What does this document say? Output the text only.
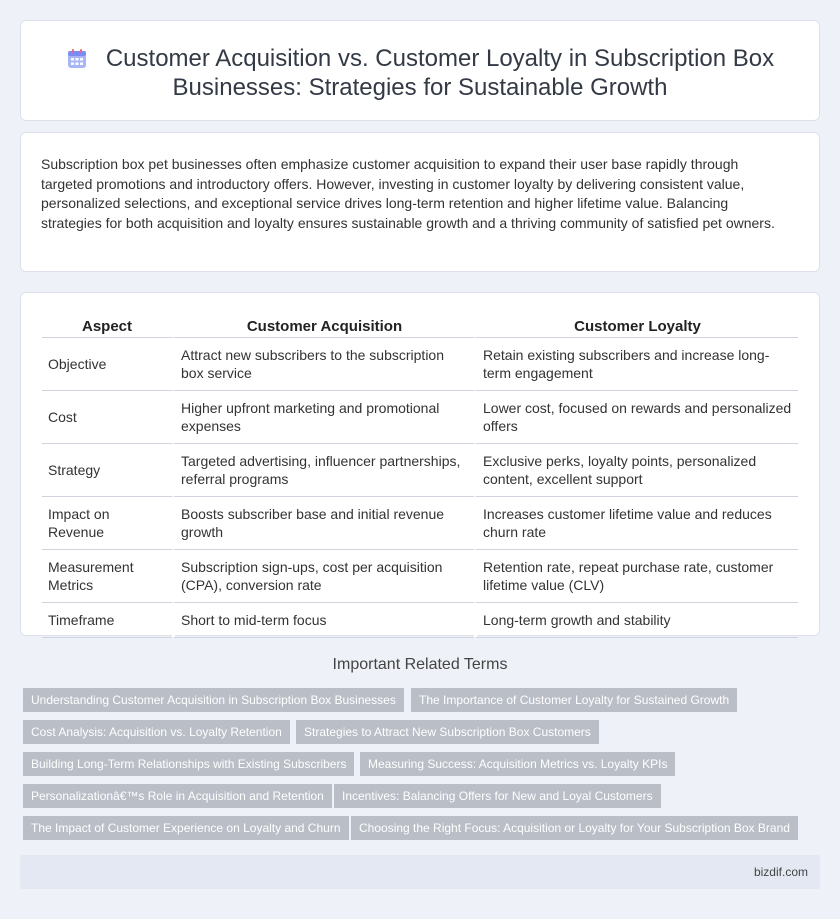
Customer Acquisition vs. Customer Loyalty in Subscription Box
Businesses: Strategies for Sustainable Growth

Subscription box pet businesses often emphasize customer acquisition to expand their user base rapidly through targeted promotions and introductory offers. However, investing in customer loyalty by delivering consistent value, personalized selections, and exceptional service drives long-term retention and higher lifetime value. Balancing strategies for both acquisition and loyalty ensures sustainable growth and a thriving community of satisfied pet owners.

Aspect	Customer Acquisition	Customer Loyalty
Objective	Attract new subscribers to the subscription box service	Retain existing subscribers and increase long-term engagement
Cost	Higher upfront marketing and promotional expenses	Lower cost, focused on rewards and personalized offers
Strategy	Targeted advertising, influencer partnerships, referral programs	Exclusive perks, loyalty points, personalized content, excellent support
Impact on Revenue	Boosts subscriber base and initial revenue growth	Increases customer lifetime value and reduces churn rate
Measurement Metrics	Subscription sign-ups, cost per acquisition (CPA), conversion rate	Retention rate, repeat purchase rate, customer lifetime value (CLV)
Timeframe	Short to mid-term focus	Long-term growth and stability
Important Related Terms
Understanding Customer Acquisition in Subscription Box Businesses	The Importance of Customer Loyalty for Sustained Growth
Cost Analysis: Acquisition vs. Loyalty Retention	Strategies to Attract New Subscription Box Customers
Building Long-Term Relationships with Existing Subscribers	Measuring Success: Acquisition Metrics vs. Loyalty KPIs
Personalizationâ€™s Role in Acquisition and Retention	Incentives: Balancing Offers for New and Loyal Customers
The Impact of Customer Experience on Loyalty and Churn	Choosing the Right Focus: Acquisition or Loyalty for Your Subscription Box Brand
bizdif.com
